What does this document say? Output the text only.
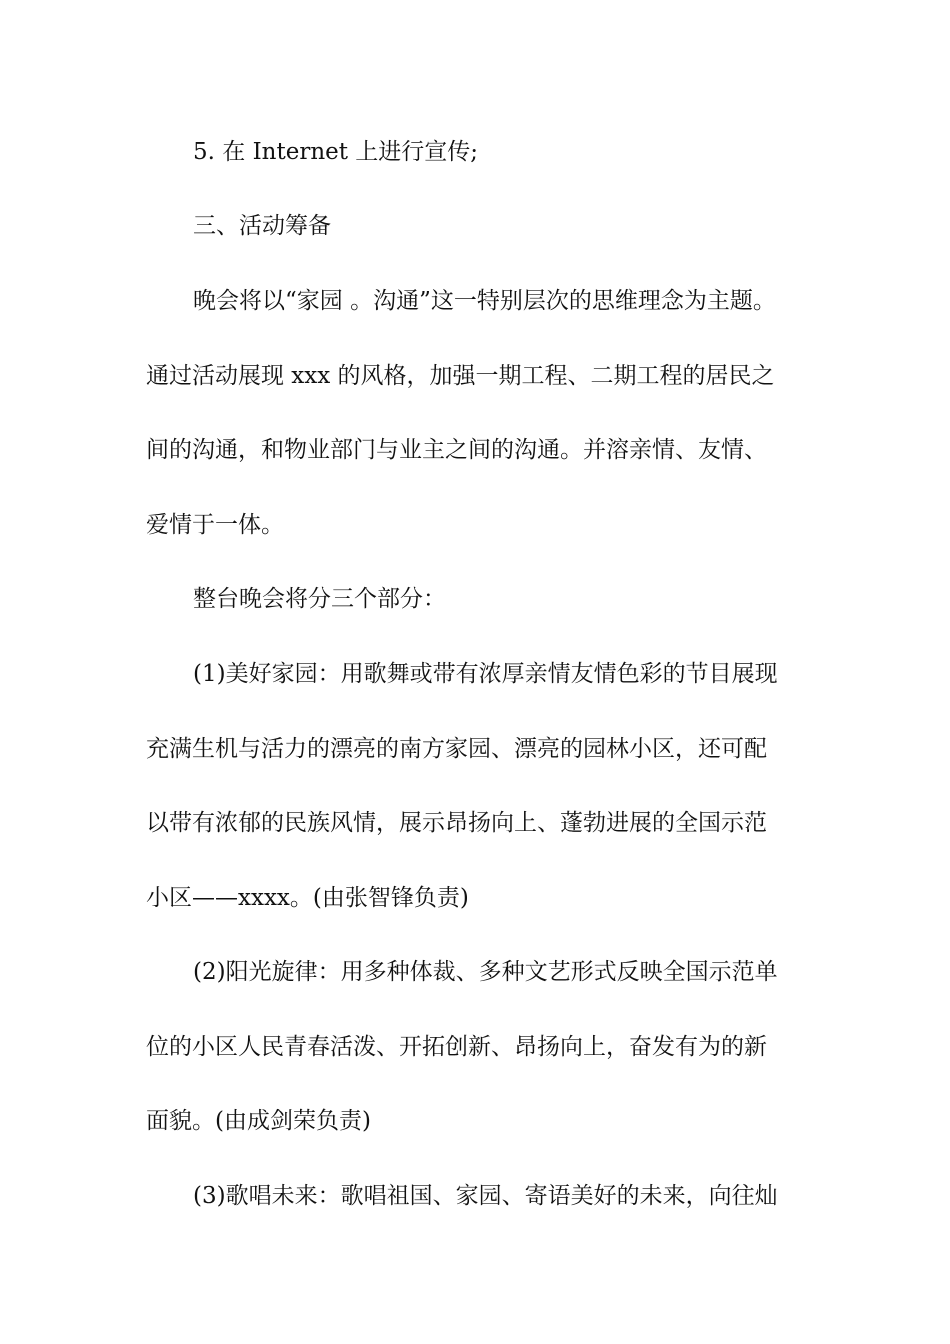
5. 在 Internet 上进行宣传;
三、活动筹备
晚会将以“家园 。沟通”这一特别层次的思维理念为主题。
通过活动展现 xxx 的风格，加强一期工程、二期工程的居民之
间的沟通，和物业部门与业主之间的沟通。并溶亲情、友情、
爱情于一体。
整台晚会将分三个部分：
(1)美好家园：用歌舞或带有浓厚亲情友情色彩的节目展现
充满生机与活力的漂亮的南方家园、漂亮的园林小区，还可配
以带有浓郁的民族风情，展示昂扬向上、蓬勃进展的全国示范
小区——xxxx。(由张智锋负责)
(2)阳光旋律：用多种体裁、多种文艺形式反映全国示范单
位的小区人民青春活泼、开拓创新、昂扬向上，奋发有为的新
面貌。(由成剑荣负责)
(3)歌唱未来：歌唱祖国、家园、寄语美好的未来，向往灿
